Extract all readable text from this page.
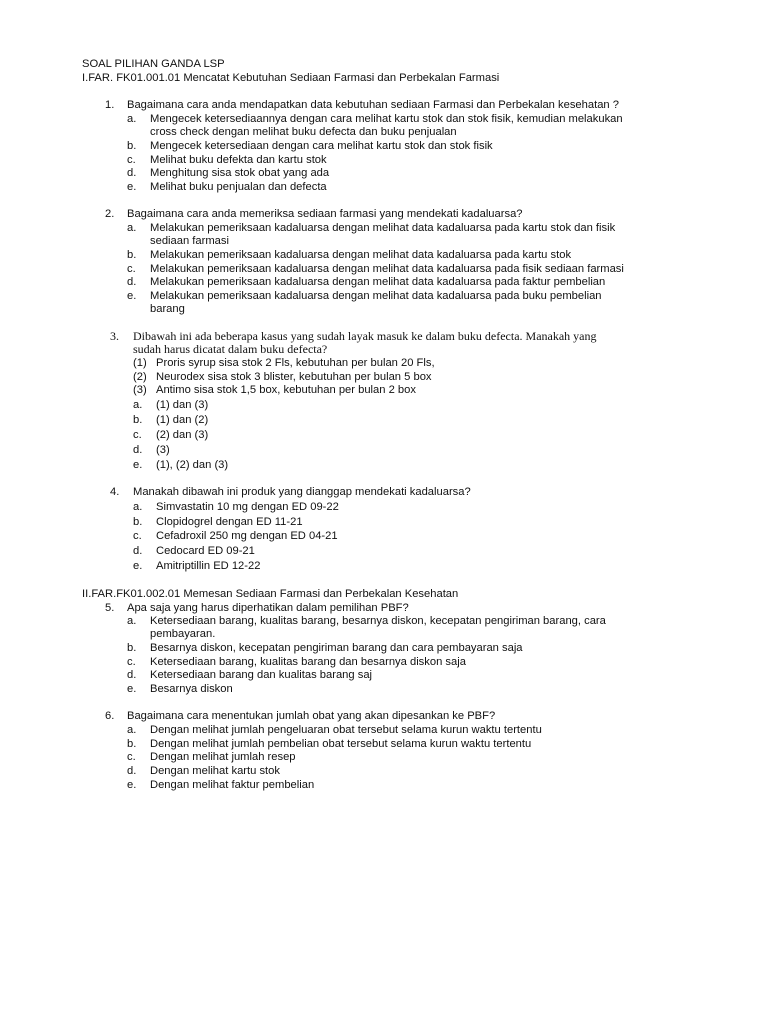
SOAL PILIHAN GANDA LSP
I.FAR. FK01.001.01 Mencatat Kebutuhan Sediaan Farmasi dan Perbekalan Farmasi
1. Bagaimana cara anda mendapatkan data kebutuhan sediaan Farmasi dan Perbekalan kesehatan ?
a. Mengecek ketersediaannya dengan cara melihat kartu stok dan stok fisik, kemudian melakukan
cross check dengan melihat buku defecta dan buku penjualan
b. Mengecek ketersediaan dengan cara melihat kartu stok dan stok fisik
c. Melihat buku defekta dan kartu stok
d. Menghitung sisa stok obat yang ada
e. Melihat buku penjualan dan defecta
2. Bagaimana cara anda memeriksa sediaan farmasi yang mendekati kadaluarsa?
a. Melakukan pemeriksaan kadaluarsa dengan melihat data kadaluarsa pada kartu stok dan fisik
sediaan farmasi
b. Melakukan pemeriksaan kadaluarsa dengan melihat data kadaluarsa pada kartu stok
c. Melakukan pemeriksaan kadaluarsa dengan melihat data kadaluarsa pada fisik sediaan farmasi
d. Melakukan pemeriksaan kadaluarsa dengan melihat data kadaluarsa pada faktur pembelian
e. Melakukan pemeriksaan kadaluarsa dengan melihat data kadaluarsa pada buku pembelian
barang
3. Dibawah ini ada beberapa kasus yang sudah layak masuk ke dalam buku defecta. Manakah yang
sudah harus dicatat dalam buku defecta?
(1) Proris syrup sisa stok 2 Fls, kebutuhan per bulan 20 Fls,
(2) Neurodex sisa stok 3 blister, kebutuhan per bulan 5 box
(3) Antimo sisa stok 1,5 box, kebutuhan per bulan 2 box
a. (1) dan (3)
b. (1) dan (2)
c. (2) dan (3)
d. (3)
e. (1), (2) dan (3)
4. Manakah dibawah ini produk yang dianggap mendekati kadaluarsa?
a. Simvastatin 10 mg dengan ED 09-22
b. Clopidogrel dengan ED 11-21
c. Cefadroxil 250 mg dengan ED 04-21
d. Cedocard ED 09-21
e. Amitriptillin ED 12-22
II.FAR.FK01.002.01 Memesan Sediaan Farmasi dan Perbekalan Kesehatan
5. Apa saja yang harus diperhatikan dalam pemilihan PBF?
a. Ketersediaan barang, kualitas barang, besarnya diskon, kecepatan pengiriman barang, cara
pembayaran.
b. Besarnya diskon, kecepatan pengiriman barang dan cara pembayaran saja
c. Ketersediaan barang, kualitas barang dan besarnya diskon saja
d. Ketersediaan barang dan kualitas barang saj
e. Besarnya diskon
6. Bagaimana cara menentukan jumlah obat yang akan dipesankan ke PBF?
a. Dengan melihat jumlah pengeluaran obat tersebut selama kurun waktu tertentu
b. Dengan melihat jumlah pembelian obat tersebut selama kurun waktu tertentu
c. Dengan melihat jumlah resep
d. Dengan melihat kartu stok
e. Dengan melihat faktur pembelian
